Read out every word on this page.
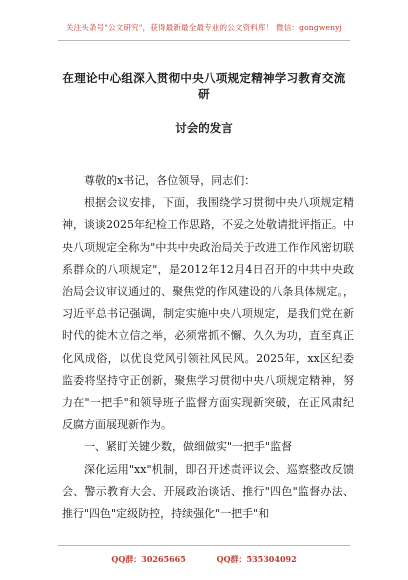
关注头条号"公文研究"，获得最新最全最专业的公文资料库！ 微信：gongwenyj
在理论中心组深入贯彻中央八项规定精神学习教育交流研
讨会的发言

尊敬的x书记，各位领导，同志们：

根据会议安排，下面，我围绕学习贯彻中央八项规定精神，谈谈2025年纪检工作思路，不妥之处敬请批评指正。中央八项规定全称为"中共中央政治局关于改进工作作风密切联系群众的八项规定"，是2012年12月4日召开的中共中央政治局会议审议通过的、聚焦党的作风建设的八条具体规定。，习近平总书记强调，制定实施中央八项规定，是我们党在新时代的徙木立信之举，必须常抓不懈、久久为功，直至真正化风成俗，以优良党风引领社风民风。2025年，xx区纪委监委将坚持守正创新，聚焦学习贯彻中央八项规定精神，努力在"一把手"和领导班子监督方面实现新突破，在正风肃纪反腐方面展现新作为。

一、紧盯关键少数，做细做实"一把手"监督

深化运用"xx"机制，即召开述责评议会、巡察整改反馈会、警示教育大会、开展政治谈话、推行"四色"监督办法、推行"四色"定级防控，持续强化"一把手"和

QQ群：30265665	QQ群：535304092
